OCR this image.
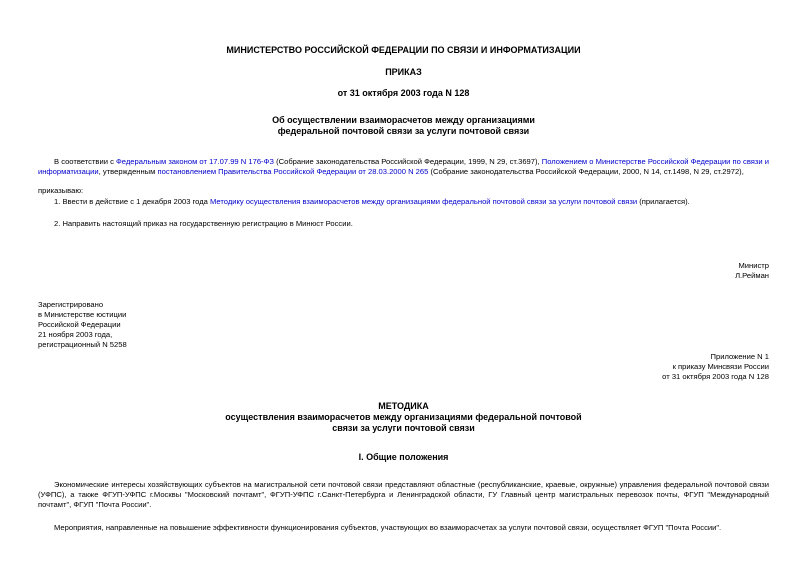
МИНИСТЕРСТВО РОССИЙСКОЙ ФЕДЕРАЦИИ ПО СВЯЗИ И ИНФОРМАТИЗАЦИИ
ПРИКАЗ
от 31 октября 2003 года N 128
Об осуществлении взаиморасчетов между организациями
федеральной почтовой связи за услуги почтовой связи
В соответствии с Федеральным законом от 17.07.99 N 176-ФЗ (Собрание законодательства Российской Федерации, 1999, N 29, ст.3697), Положением о Министерстве Российской Федерации по связи и информатизации, утвержденным постановлением Правительства Российской Федерации от 28.03.2000 N 265 (Собрание законодательства Российской Федерации, 2000, N 14, ст.1498, N 29, ст.2972),
приказываю:
1. Ввести в действие с 1 декабря 2003 года Методику осуществления взаиморасчетов между организациями федеральной почтовой связи за услуги почтовой связи (прилагается).
2. Направить настоящий приказ на государственную регистрацию в Минюст России.
Министр
Л.Рейман
Зарегистрировано
в Министерстве юстиции
Российской Федерации
21 ноября 2003 года,
регистрационный N 5258
Приложение N 1
к приказу Минсвязи России
от 31 октября 2003 года N 128
МЕТОДИКА
осуществления взаиморасчетов между организациями федеральной почтовой
связи за услуги почтовой связи
I. Общие положения
Экономические интересы хозяйствующих субъектов на магистральной сети почтовой связи представляют областные (республиканские, краевые, окружные) управления федеральной почтовой связи (УФПС), а также ФГУП-УФПС г.Москвы "Московский почтамт", ФГУП-УФПС г.Санкт-Петербурга и Ленинградской области, ГУ Главный центр магистральных перевозок почты, ФГУП "Международный почтамт", ФГУП "Почта России".
Мероприятия, направленные на повышение эффективности функционирования субъектов, участвующих во взаиморасчетах за услуги почтовой связи, осуществляет ФГУП "Почта России".
